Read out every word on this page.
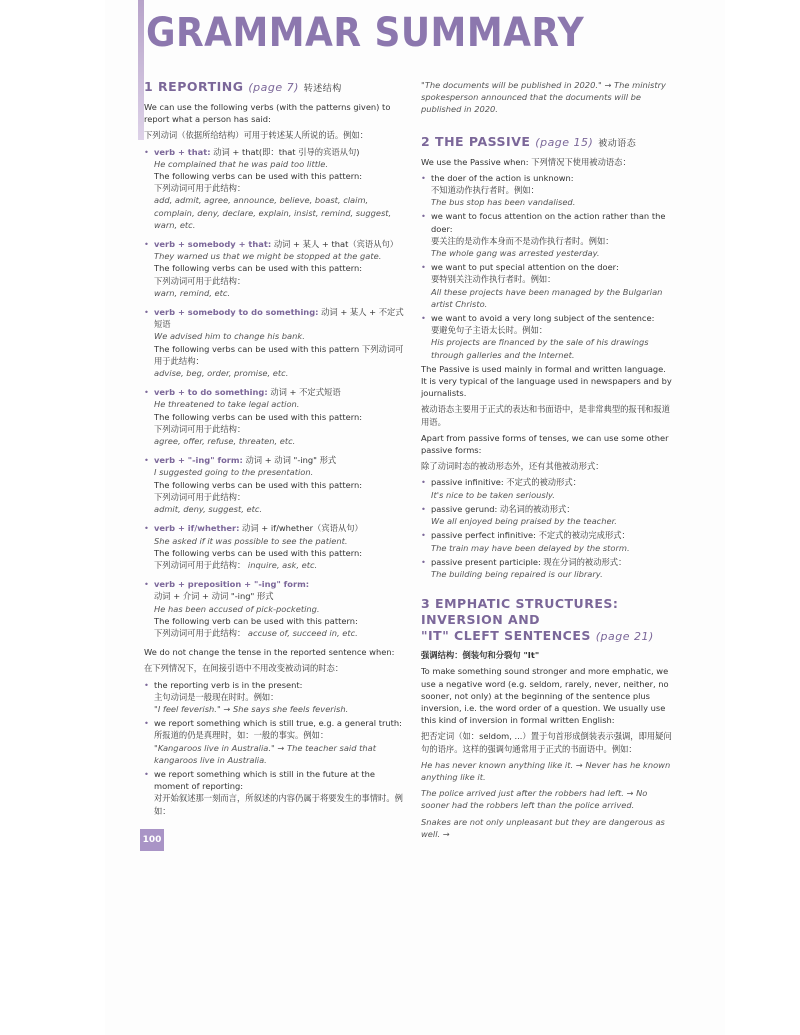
GRAMMAR SUMMARY
1 REPORTING (page 7) 转述结构

We can use the following verbs (with the patterns given) to report what a person has said:

下列动词（依据所给结构）可用于转述某人所说的话。例如：

• verb + that: 动词 + that(即：that 引导的宾语从句)
He complained that he was paid too little.
The following verbs can be used with this pattern:
下列动词可用于此结构：
add, admit, agree, announce, believe, boast, claim, complain, deny, declare, explain, insist, remind, suggest, warn, etc.
• verb + somebody + that: 动词 + 某人 + that（宾语从句）
They warned us that we might be stopped at the gate.
The following verbs can be used with this pattern:
下列动词可用于此结构：
warn, remind, etc.
• verb + somebody to do something: 动词 + 某人 + 不定式短语
We advised him to change his bank.
The following verbs can be used with this pattern 下列动词可用于此结构：
advise, beg, order, promise, etc.
• verb + to do something: 动词 + 不定式短语
He threatened to take legal action.
The following verbs can be used with this pattern:
下列动词可用于此结构：
agree, offer, refuse, threaten, etc.
• verb + "-ing" form: 动词 + 动词 "-ing" 形式
I suggested going to the presentation.
The following verbs can be used with this pattern:
下列动词可用于此结构：
admit, deny, suggest, etc.
• verb + if/whether: 动词 + if/whether（宾语从句）
She asked if it was possible to see the patient.
The following verbs can be used with this pattern:
下列动词可用于此结构： inquire, ask, etc.
• verb + preposition + "-ing" form:
动词 + 介词 + 动词 "-ing" 形式
He has been accused of pick-pocketing.
The following verb can be used with this pattern:
下列动词可用于此结构： accuse of, succeed in, etc.

We do not change the tense in the reported sentence when:

在下列情况下，在间接引语中不用改变被动词的时态：

• the reporting verb is in the present:
主句动词是一般现在时时。例如：
"I feel feverish." → She says she feels feverish.
• we report something which is still true, e.g. a general truth:
所报道的仍是真理时，如：一般的事实。例如：
"Kangaroos live in Australia." → The teacher said that kangaroos live in Australia.
• we report something which is still in the future at the moment of reporting:
对开始叙述那一刻而言，所叙述的内容仍属于将要发生的事情时。例如：

"The documents will be published in 2020." → The ministry spokesperson announced that the documents will be published in 2020.

2 THE PASSIVE (page 15) 被动语态

We use the Passive when: 下列情况下使用被动语态：

• the doer of the action is unknown:
不知道动作执行者时。例如：
The bus stop has been vandalised.
• we want to focus attention on the action rather than the doer:
要关注的是动作本身而不是动作执行者时。例如：
The whole gang was arrested yesterday.
• we want to put special attention on the doer:
要特别关注动作执行者时。例如：
All these projects have been managed by the Bulgarian artist Christo.
• we want to avoid a very long subject of the sentence:
要避免句子主语太长时。例如：
His projects are financed by the sale of his drawings through galleries and the Internet.

The Passive is used mainly in formal and written language. It is very typical of the language used in newspapers and by journalists.

被动语态主要用于正式的表达和书面语中，是非常典型的报刊和报道用语。

Apart from passive forms of tenses, we can use some other passive forms:

除了动词时态的被动形态外，还有其他被动形式：

• passive infinitive: 不定式的被动形式：
It's nice to be taken seriously.
• passive gerund: 动名词的被动形式：
We all enjoyed being praised by the teacher.
• passive perfect infinitive: 不定式的被动完成形式：
The train may have been delayed by the storm.
• passive present participle: 现在分词的被动形式：
The building being repaired is our library.
3 EMPHATIC STRUCTURES: INVERSION AND
"IT" CLEFT SENTENCES (page 21)

强调结构：倒装句和分裂句 "It"

To make something sound stronger and more emphatic, we use a negative word (e.g. seldom, rarely, never, neither, no sooner, not only) at the beginning of the sentence plus inversion, i.e. the word order of a question. We usually use this kind of inversion in formal written English:

把否定词（如：seldom, ...）置于句首形成倒装表示强调，即用疑问句的语序。这样的强调句通常用于正式的书面语中。例如：

He has never known anything like it. → Never has he known anything like it.

The police arrived just after the robbers had left. → No sooner had the robbers left than the police arrived.

Snakes are not only unpleasant but they are dangerous as well. →

100
